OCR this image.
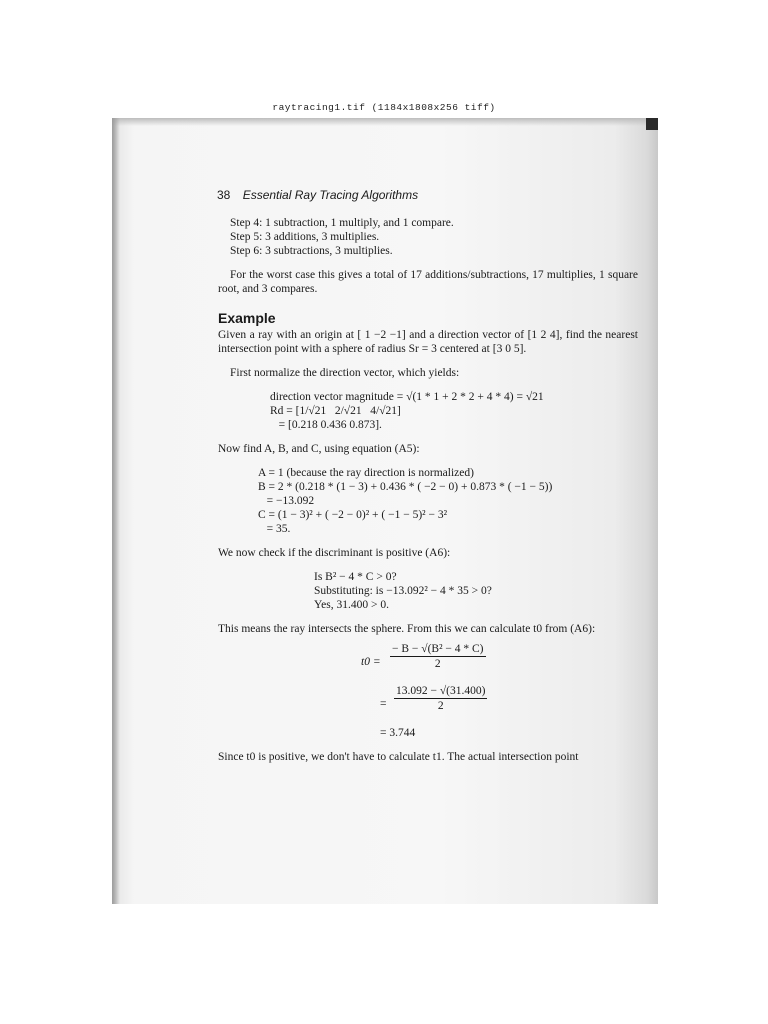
raytracing1.tif (1184x1808x256 tiff)
38 Essential Ray Tracing Algorithms

Step 4: 1 subtraction, 1 multiply, and 1 compare.

Step 5: 3 additions, 3 multiplies.

Step 6: 3 subtractions, 3 multiplies.

For the worst case this gives a total of 17 additions/subtractions, 17 multiplies, 1 square root, and 3 compares.

Example

Given a ray with an origin at [ 1 −2 −1] and a direction vector of [1 2 4], find the nearest intersection point with a sphere of radius Sr = 3 centered at [3 0 5].

First normalize the direction vector, which yields:

direction vector magnitude = √(1 * 1 + 2 * 2 + 4 * 4) = √21

Rd = [1/√21   2/√21   4/√21]

= [0.218 0.436 0.873].

Now find A, B, and C, using equation (A5):

A = 1 (because the ray direction is normalized)

B = 2 * (0.218 * (1 − 3) + 0.436 * ( −2 − 0) + 0.873 * ( −1 − 5))

= −13.092

C = (1 − 3)² + ( −2 − 0)² + ( −1 − 5)² − 3²

= 35.

We now check if the discriminant is positive (A6):

Is B² − 4 * C > 0?

Substituting: is −13.092² − 4 * 35 > 0?

Yes, 31.400 > 0.

This means the ray intersects the sphere. From this we can calculate t0 from (A6):

$t0 = \frac{\text{− B − √(B² − 4 * C)}}{2}$
= $\frac{13.092 - √(31.400)}{2}$

= 3.744

Since t0 is positive, we don't have to calculate t1. The actual intersection point
